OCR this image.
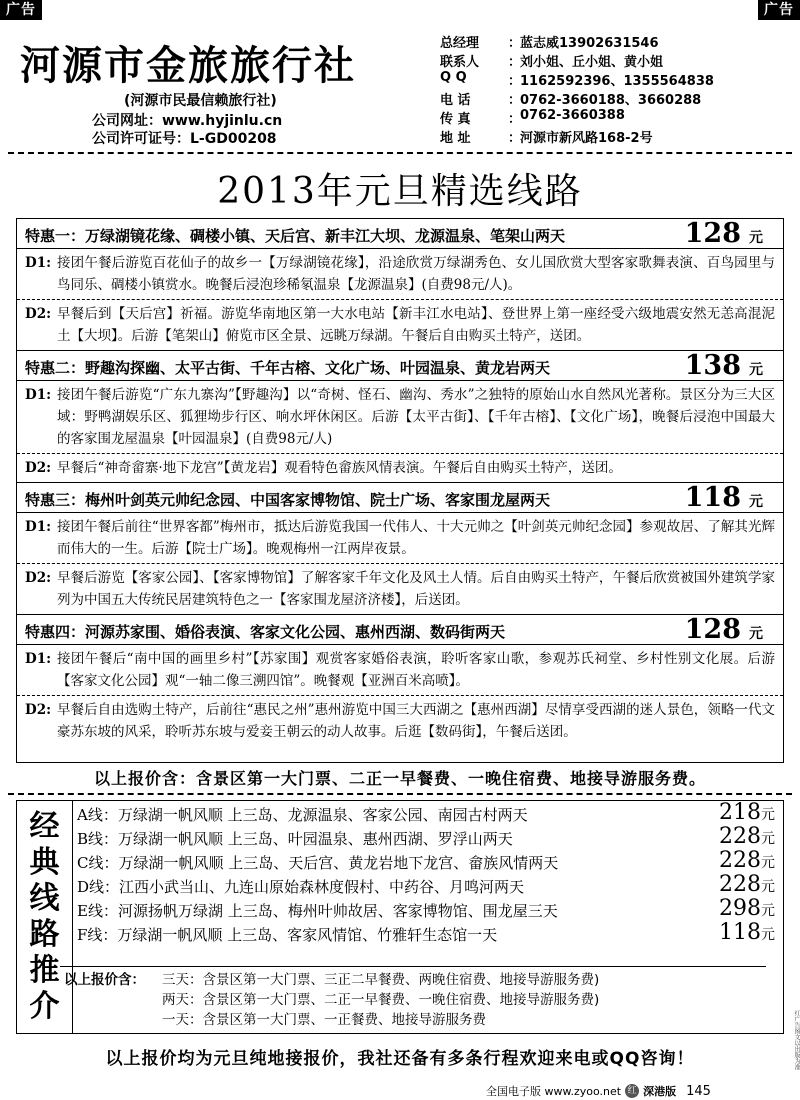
广告	广告
河源市金旅旅行社
(河源市民最信赖旅行社)
公司网址：www.hyjinlu.cn
公司许可证号：L-GD00208
总经理	：
蓝志威13902631546
联系人	：
刘小姐、丘小姐、黄小姐
Q Q	：
1162592396、1355564838
电 话	：
0762-3660188、3660288
传 真	：
0762-3660388
地 址	：
河源市新风路168-2号
2013年元旦精选线路
特惠一：万绿湖镜花缘、碉楼小镇、天后宫、新丰江大坝、龙源温泉、笔架山两天	128 元
D1: 接团午餐后游览百花仙子的故乡一【万绿湖镜花缘】，沿途欣赏万绿湖秀色、女儿国欣赏大型客家歌舞表演、百鸟园里与鸟同乐、碉楼小镇赏水。晚餐后浸泡珍稀氡温泉【龙源温泉】(自费98元/人)。
D2: 早餐后到【天后宫】祈福。游览华南地区第一大水电站【新丰江水电站】、登世界上第一座经受六级地震安然无恙高混泥土【大坝】。后游【笔架山】俯览市区全景、远眺万绿湖。午餐后自由购买土特产，送团。
特惠二：野趣沟探幽、太平古街、千年古榕、文化广场、叶园温泉、黄龙岩两天	138 元
D1: 接团午餐后游览“广东九寨沟”【野趣沟】以“奇树、怪石、幽沟、秀水”之独特的原始山水自然风光著称。景区分为三大区域：野鸭湖娱乐区、狐狸坳步行区、响水坪休闲区。后游【太平古街】、【千年古榕】、【文化广场】，晚餐后浸泡中国最大的客家围龙屋温泉【叶园温泉】(自费98元/人)
D2: 早餐后“神奇畲寨·地下龙宫”【黄龙岩】观看特色畲族风情表演。午餐后自由购买土特产，送团。
特惠三：梅州叶剑英元帅纪念园、中国客家博物馆、院士广场、客家围龙屋两天	118 元
D1: 接团午餐后前往“世界客都”梅州市，抵达后游览我国一代伟人、十大元帅之【叶剑英元帅纪念园】参观故居、了解其光辉而伟大的一生。后游【院士广场】。晚观梅州一江两岸夜景。
D2: 早餐后游览【客家公园】、【客家博物馆】了解客家千年文化及风土人情。后自由购买土特产，午餐后欣赏被国外建筑学家列为中国五大传统民居建筑特色之一【客家围龙屋济济楼】，后送团。
特惠四：河源苏家围、婚俗表演、客家文化公园、惠州西湖、数码街两天	128 元
D1: 接团午餐后“南中国的画里乡村”【苏家围】观赏客家婚俗表演，聆听客家山歌，参观苏氏祠堂、乡村性别文化展。后游【客家文化公园】观“一轴二像三溯四馆”。晚餐观【亚洲百米高喷】。
D2: 早餐后自由选购土特产，后前往“惠民之州”惠州游览中国三大西湖之【惠州西湖】尽情享受西湖的迷人景色，领略一代文豪苏东坡的风采，聆听苏东坡与爱妾王朝云的动人故事。后逛【数码街】，午餐后送团。
以上报价含：含景区第一大门票、二正一早餐费、一晚住宿费、地接导游服务费。
经
典
线
路
推
介
A线：万绿湖一帆风顺 上三岛、龙源温泉、客家公园、南园古村两天	218元
B线：万绿湖一帆风顺 上三岛、叶园温泉、惠州西湖、罗浮山两天	228元
C线：万绿湖一帆风顺 上三岛、天后宫、黄龙岩地下龙宫、畲族风情两天	228元
D线：江西小武当山、九连山原始森林度假村、中药谷、月鸣河两天	228元
E线：河源扬帆万绿湖 上三岛、梅州叶帅故居、客家博物馆、围龙屋三天	298元
F线：万绿湖一帆风顺 上三岛、客家风情馆、竹雅轩生态馆一天	118元
以上报价含：	三天：含景区第一大门票、三正二早餐费、两晚住宿费、地接导游服务费)
两天：含景区第一大门票、二正一早餐费、一晚住宿费、地接导游服务费)
一天：含景区第一大门票、一正餐费、地接导游服务费
以上报价均为元旦纯地接报价，我社还备有多条行程欢迎来电或QQ咨询！
全国电子版 www.zyoo.net 红 深港版 145
红广告图文以出版为准
